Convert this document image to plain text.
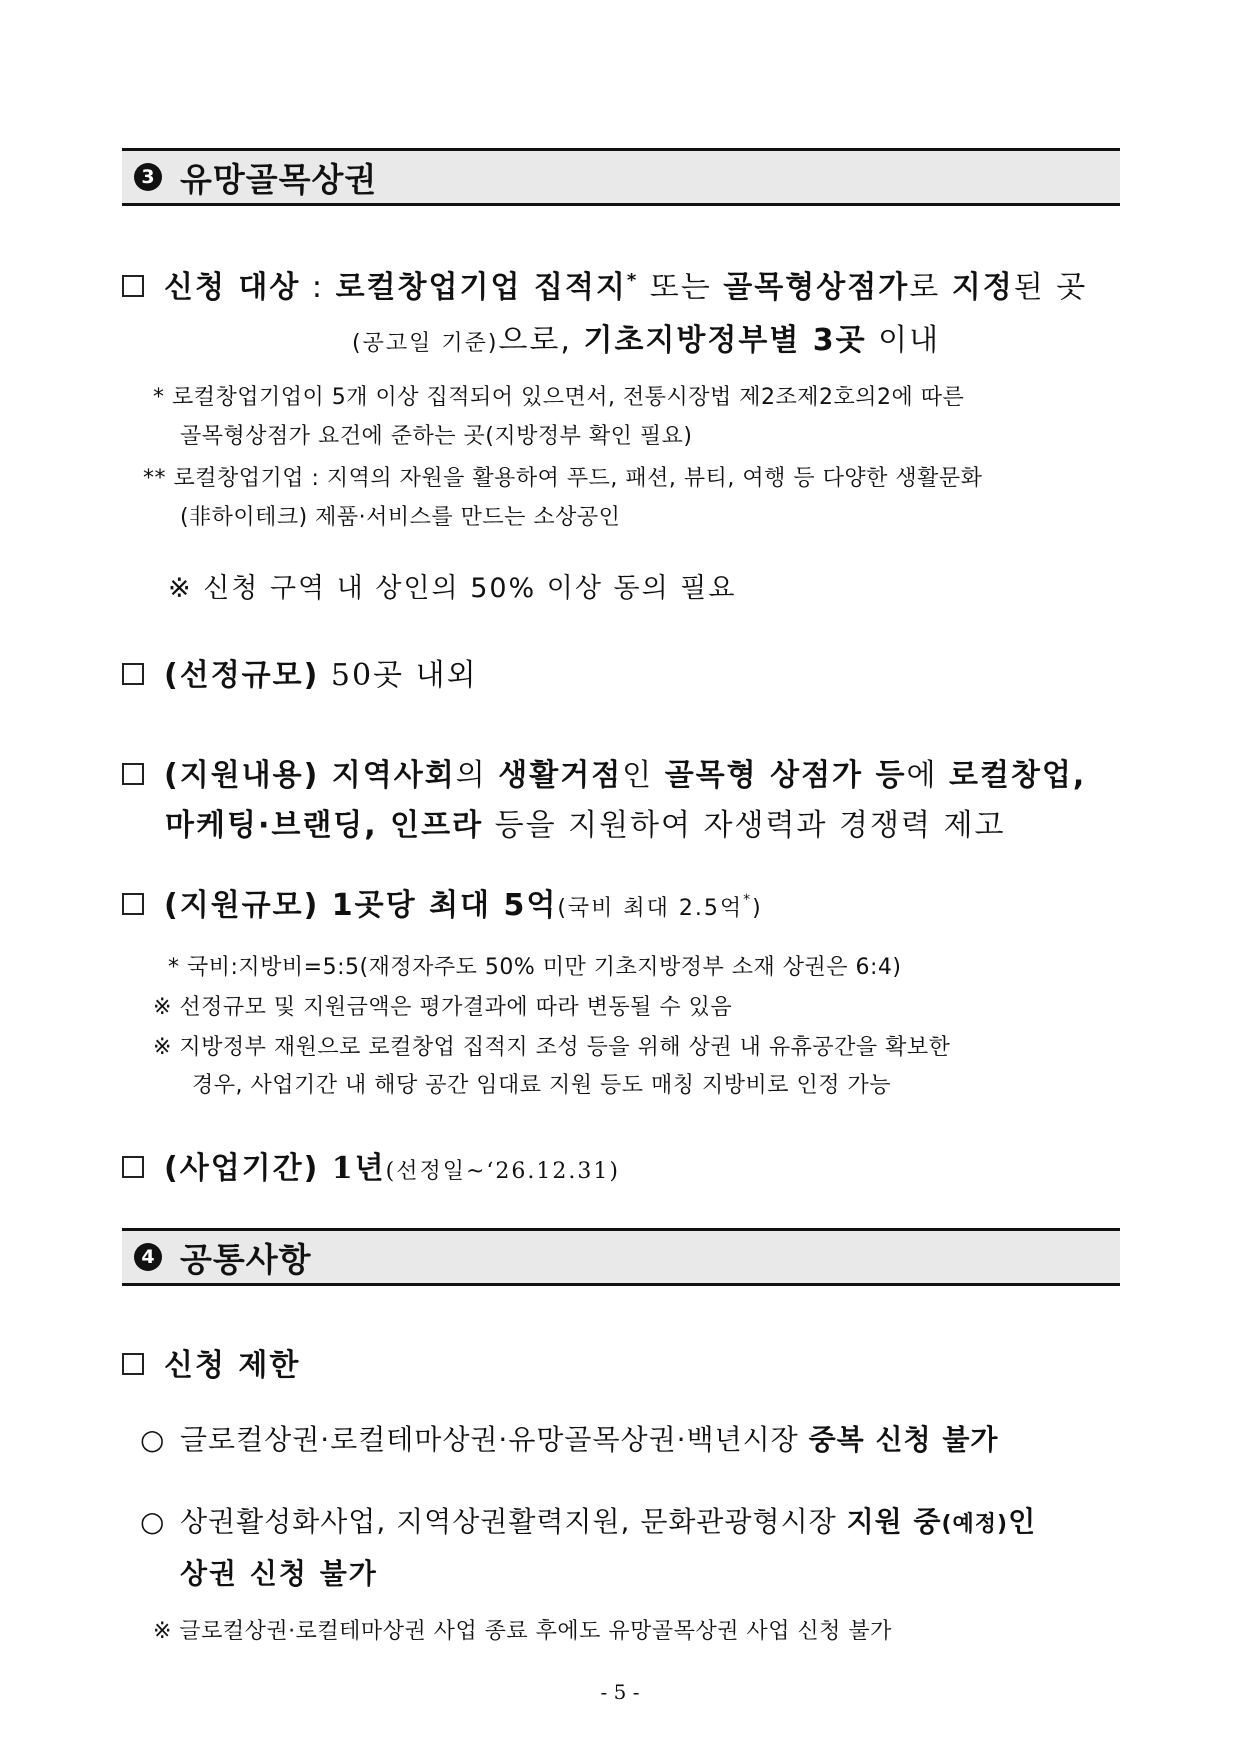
3 유망골목상권
신청 대상 : 로컬창업기업 집적지* 또는 골목형상점가로 지정된 곳
(공고일 기준)으로, 기초지방정부별 3곳 이내
* 로컬창업기업이 5개 이상 집적되어 있으면서, 전통시장법 제2조제2호의2에 따른
골목형상점가 요건에 준하는 곳(지방정부 확인 필요)
** 로컬창업기업 : 지역의 자원을 활용하여 푸드, 패션, 뷰티, 여행 등 다양한 생활문화
(非하이테크) 제품·서비스를 만드는 소상공인
※ 신청 구역 내 상인의 50% 이상 동의 필요
(선정규모) 50곳 내외
(지원내용) 지역사회의 생활거점인 골목형 상점가 등에 로컬창업,
마케팅·브랜딩, 인프라 등을 지원하여 자생력과 경쟁력 제고
(지원규모) 1곳당 최대 5억(국비 최대 2.5억*)
* 국비:지방비=5:5(재정자주도 50% 미만 기초지방정부 소재 상권은 6:4)
※ 선정규모 및 지원금액은 평가결과에 따라 변동될 수 있음
※ 지방정부 재원으로 로컬창업 집적지 조성 등을 위해 상권 내 유휴공간을 확보한
경우, 사업기간 내 해당 공간 임대료 지원 등도 매칭 지방비로 인정 가능
(사업기간) 1년(선정일~‘26.12.31)
4 공통사항
신청 제한
○ 글로컬상권·로컬테마상권·유망골목상권·백년시장 중복 신청 불가
○ 상권활성화사업, 지역상권활력지원, 문화관광형시장 지원 중(예정)인
상권 신청 불가
※ 글로컬상권·로컬테마상권 사업 종료 후에도 유망골목상권 사업 신청 불가
- 5 -
